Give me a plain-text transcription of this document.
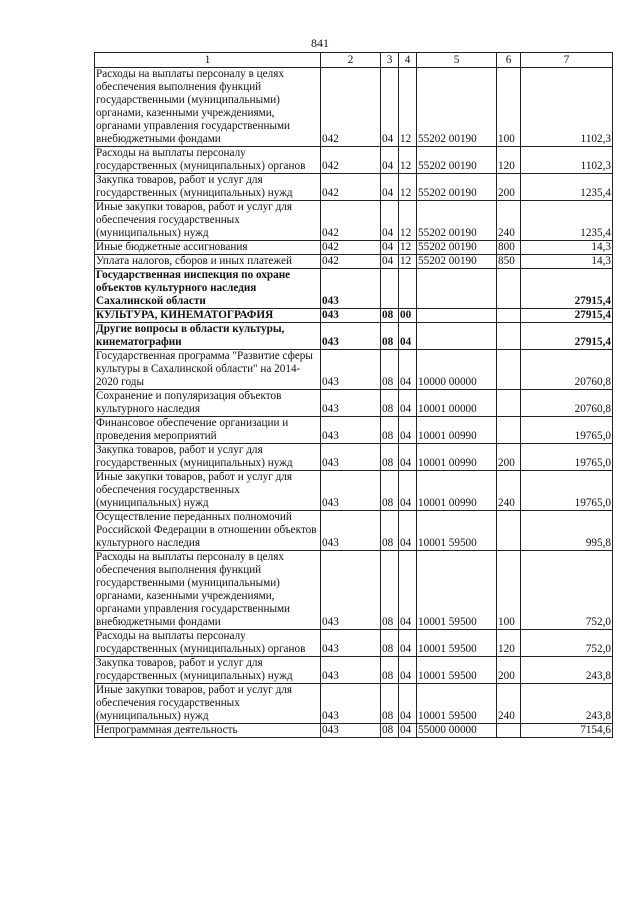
841
1	2	3	4	5	6	7
Расходы на выплаты персоналу в целях обеспечения выполнения функций государственными (муниципальными) органами, казенными учреждениями, органами управления государственными внебюджетными фондами	042	04	12	55202 00190	100	1102,3
Расходы на выплаты персоналу государственных (муниципальных) органов	042	04	12	55202 00190	120	1102,3
Закупка товаров, работ и услуг для государственных (муниципальных) нужд	042	04	12	55202 00190	200	1235,4
Иные закупки товаров, работ и услуг для обеспечения государственных (муниципальных) нужд	042	04	12	55202 00190	240	1235,4
Иные бюджетные ассигнования	042	04	12	55202 00190	800	14,3
Уплата налогов, сборов и иных платежей	042	04	12	55202 00190	850	14,3
Государственная инспекция по охране объектов культурного наследия Сахалинской области	043					27915,4
КУЛЬТУРА, КИНЕМАТОГРАФИЯ	043	08	00			27915,4
Другие вопросы в области культуры, кинематографии	043	08	04			27915,4
Государственная программа "Развитие сферы культуры в Сахалинской области" на 2014-2020 годы	043	08	04	10000 00000		20760,8
Сохранение и популяризация объектов культурного наследия	043	08	04	10001 00000		20760,8
Финансовое обеспечение организации и проведения мероприятий	043	08	04	10001 00990		19765,0
Закупка товаров, работ и услуг для государственных (муниципальных) нужд	043	08	04	10001 00990	200	19765,0
Иные закупки товаров, работ и услуг для обеспечения государственных (муниципальных) нужд	043	08	04	10001 00990	240	19765,0
Осуществление переданных полномочий Российской Федерации в отношении объектов культурного наследия	043	08	04	10001 59500		995,8
Расходы на выплаты персоналу в целях обеспечения выполнения функций государственными (муниципальными) органами, казенными учреждениями, органами управления государственными внебюджетными фондами	043	08	04	10001 59500	100	752,0
Расходы на выплаты персоналу государственных (муниципальных) органов	043	08	04	10001 59500	120	752,0
Закупка товаров, работ и услуг для государственных (муниципальных) нужд	043	08	04	10001 59500	200	243,8
Иные закупки товаров, работ и услуг для обеспечения государственных (муниципальных) нужд	043	08	04	10001 59500	240	243,8
Непрограммная деятельность	043	08	04	55000 00000		7154,6
